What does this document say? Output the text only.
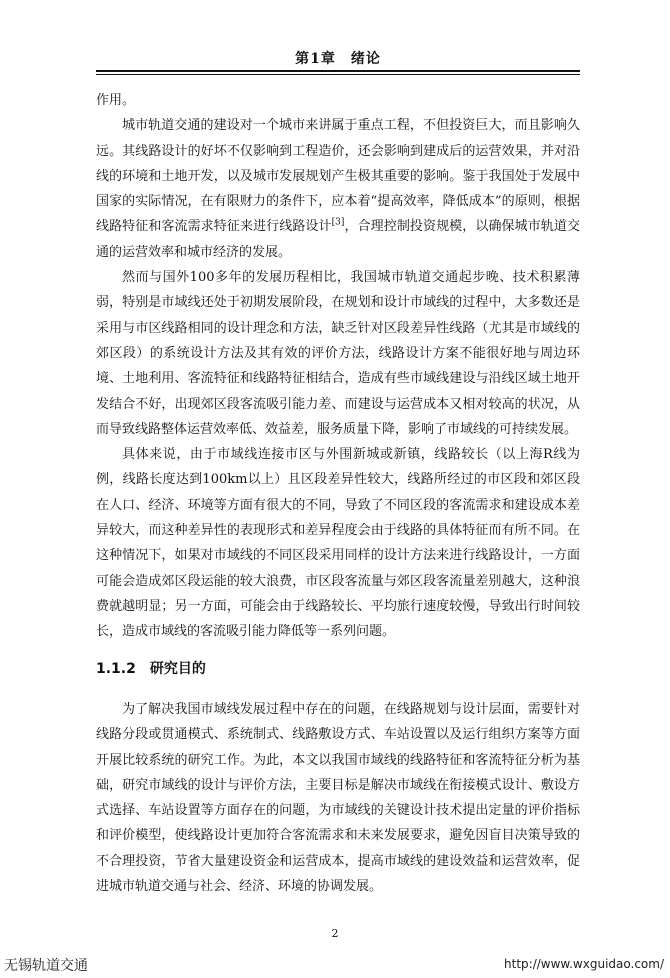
第1章　绪论

作用。

城市轨道交通的建设对一个城市来讲属于重点工程，不但投资巨大，而且影响久远。其线路设计的好坏不仅影响到工程造价，还会影响到建成后的运营效果，并对沿线的环境和土地开发，以及城市发展规划产生极其重要的影响。鉴于我国处于发展中国家的实际情况，在有限财力的条件下，应本着“提高效率，降低成本”的原则，根据线路特征和客流需求特征来进行线路设计[3]，合理控制投资规模，以确保城市轨道交通的运营效率和城市经济的发展。

然而与国外100多年的发展历程相比，我国城市轨道交通起步晚、技术积累薄弱，特别是市域线还处于初期发展阶段，在规划和设计市域线的过程中，大多数还是采用与市区线路相同的设计理念和方法，缺乏针对区段差异性线路（尤其是市域线的郊区段）的系统设计方法及其有效的评价方法，线路设计方案不能很好地与周边环境、土地利用、客流特征和线路特征相结合，造成有些市域线建设与沿线区域土地开发结合不好，出现郊区段客流吸引能力差、而建设与运营成本又相对较高的状况，从而导致线路整体运营效率低、效益差，服务质量下降，影响了市域线的可持续发展。

具体来说，由于市域线连接市区与外围新城或新镇，线路较长（以上海R线为例，线路长度达到100km以上）且区段差异性较大，线路所经过的市区段和郊区段在人口、经济、环境等方面有很大的不同，导致了不同区段的客流需求和建设成本差异较大，而这种差异性的表现形式和差异程度会由于线路的具体特征而有所不同。在这种情况下，如果对市域线的不同区段采用同样的设计方法来进行线路设计，一方面可能会造成郊区段运能的较大浪费，市区段客流量与郊区段客流量差别越大，这种浪费就越明显；另一方面，可能会由于线路较长、平均旅行速度较慢，导致出行时间较长，造成市域线的客流吸引能力降低等一系列问题。

1.1.2 研究目的

为了解决我国市域线发展过程中存在的问题，在线路规划与设计层面，需要针对线路分段或贯通模式、系统制式、线路敷设方式、车站设置以及运行组织方案等方面开展比较系统的研究工作。为此，本文以我国市域线的线路特征和客流特征分析为基础，研究市域线的设计与评价方法，主要目标是解决市域线在衔接模式设计、敷设方式选择、车站设置等方面存在的问题，为市域线的关键设计技术提出定量的评价指标和评价模型，使线路设计更加符合客流需求和未来发展要求，避免因盲目决策导致的不合理投资，节省大量建设资金和运营成本，提高市域线的建设效益和运营效率，促进城市轨道交通与社会、经济、环境的协调发展。

2
无锡轨道交通	http://www.wxguidao.com/
